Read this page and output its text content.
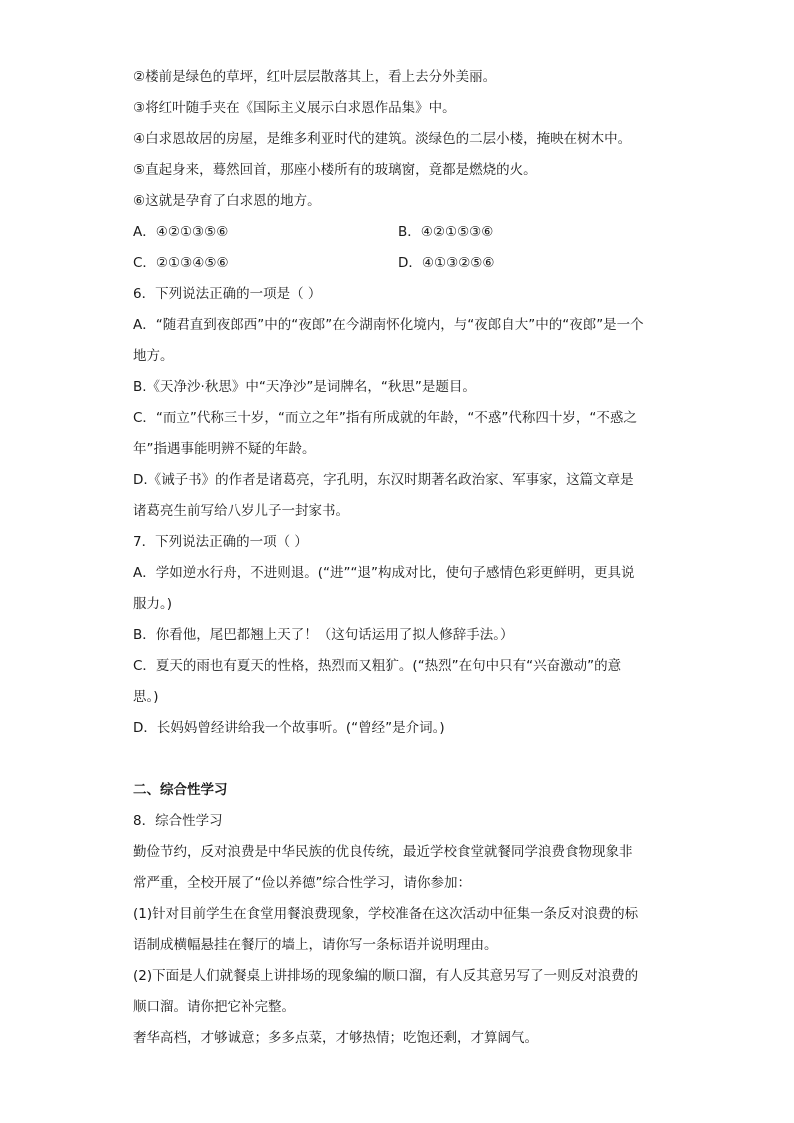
②楼前是绿色的草坪，红叶层层散落其上，看上去分外美丽。
③将红叶随手夹在《国际主义展示白求恩作品集》中。
④白求恩故居的房屋，是维多利亚时代的建筑。淡绿色的二层小楼，掩映在树木中。
⑤直起身来，蓦然回首，那座小楼所有的玻璃窗，竟都是燃烧的火。
⑥这就是孕育了白求恩的地方。
A．④②①③⑤⑥	B．④②①⑤③⑥
C．②①③④⑤⑥	D．④①③②⑤⑥
6．下列说法正确的一项是（ ）
A．“随君直到夜郎西”中的“夜郎”在今湖南怀化境内，与“夜郎自大”中的“夜郎”是一个
地方。
B.《天净沙·秋思》中“天净沙”是词牌名，“秋思”是题目。
C．“而立”代称三十岁，“而立之年”指有所成就的年龄，“不惑”代称四十岁，“不惑之
年”指遇事能明辨不疑的年龄。
D.《诫子书》的作者是诸葛亮，字孔明，东汉时期著名政治家、军事家，这篇文章是
诸葛亮生前写给八岁儿子一封家书。
7．下列说法正确的一项（ ）
A．学如逆水行舟，不进则退。(“进”“退”构成对比，使句子感情色彩更鲜明，更具说
服力。)
B．你看他，尾巴都翘上天了！（这句话运用了拟人修辞手法。）
C．夏天的雨也有夏天的性格，热烈而又粗犷。(“热烈”在句中只有“兴奋激动”的意
思。)
D．长妈妈曾经讲给我一个故事听。(“曾经”是介词。)
二、综合性学习
8．综合性学习
勤俭节约，反对浪费是中华民族的优良传统，最近学校食堂就餐同学浪费食物现象非
常严重，全校开展了“俭以养德”综合性学习，请你参加：
(1)针对目前学生在食堂用餐浪费现象，学校准备在这次活动中征集一条反对浪费的标
语制成横幅悬挂在餐厅的墙上，请你写一条标语并说明理由。
(2)下面是人们就餐桌上讲排场的现象编的顺口溜，有人反其意另写了一则反对浪费的
顺口溜。请你把它补完整。
奢华高档，才够诚意；多多点菜，才够热情；吃饱还剩，才算阔气。
